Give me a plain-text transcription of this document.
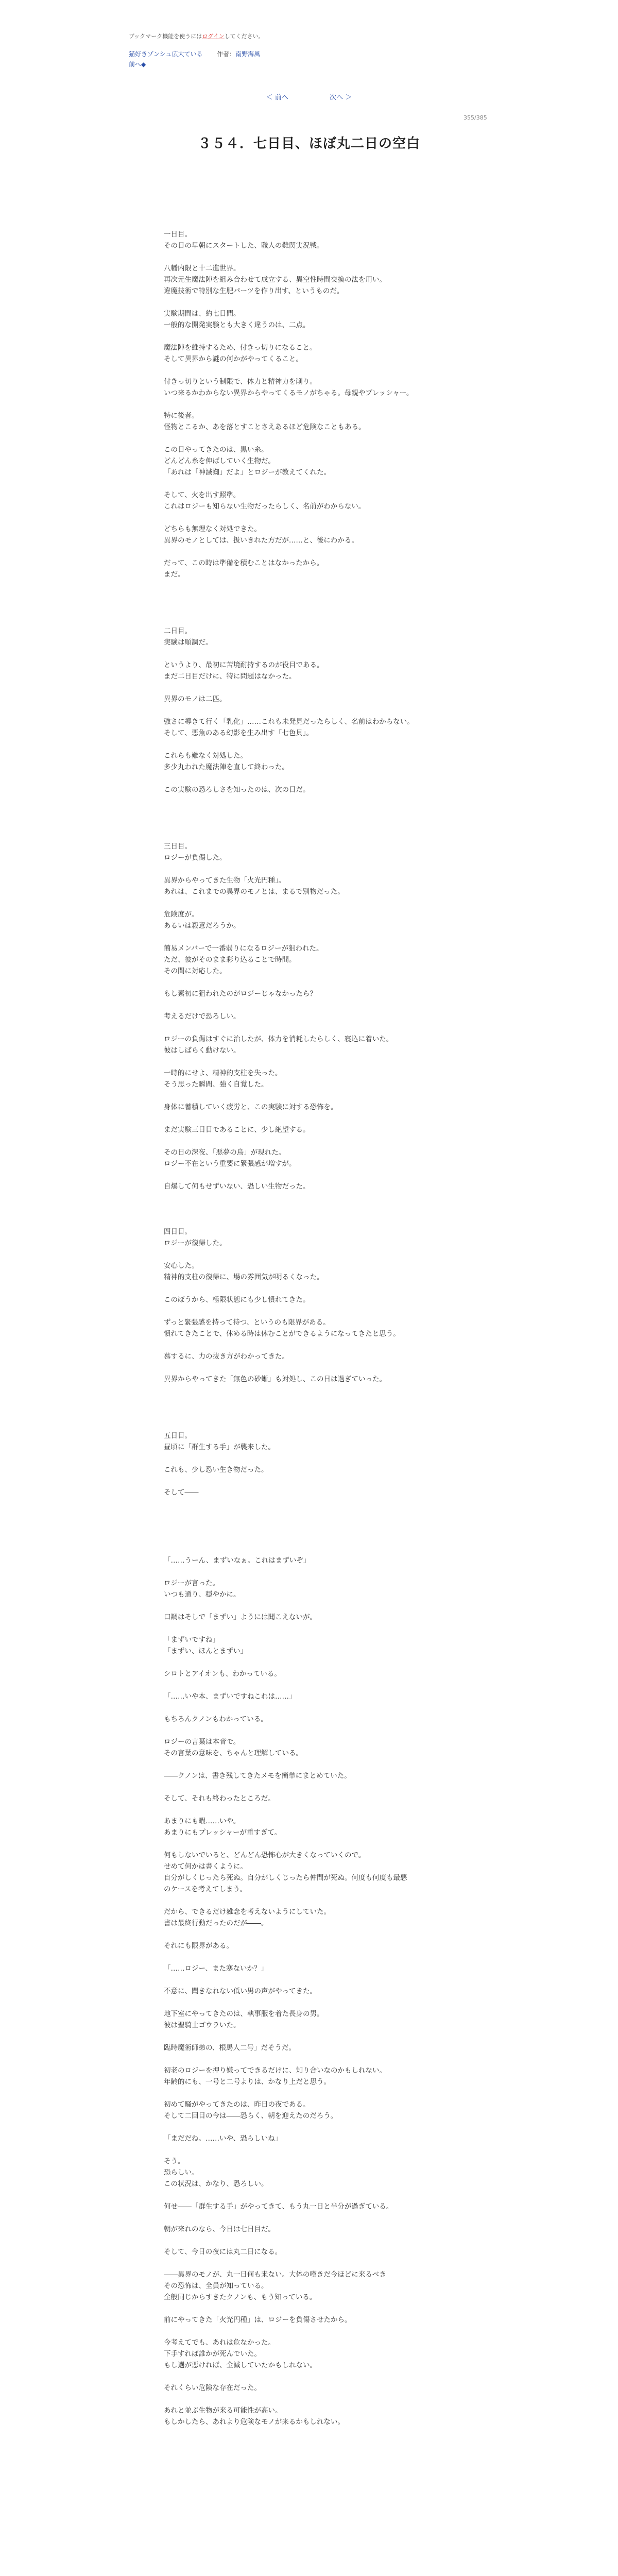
ブックマーク機能を使うにはログインしてください。
猫好きゾンシュ広大ている 作者：南野海風
前へ◆
＜ 前へ	次へ ＞
355/385
３５４．七日目、ほぼ丸二日の空白

一日目。

その日の早朝にスタートした、職人の難関実況戦。

八幡内限と十二進世界。

再次元生魔法陣を組み合わせて成立する、異空性時間交換の法を用い。

違魔技術で特別な生肥パーツを作り出す、というものだ。

実験期間は、約七日間。

一般的な開発実験とも大きく違うのは、二点。

魔法陣を維持するため、付きっ切りになること。

そして異界から謎の何かがやってくること。

付きっ切りという制限で、体力と精神力を削り。

いつ来るかわからない異界からやってくるモノがちゃる。母親やプレッシャー。

特に後者。

怪物とこるか、あを落とすことさえあるほど危険なこともある。

この日やってきたのは、黒い糸。

どんどん糸を伸ばしていく生物だ。

「あれは「神滅蜘」だよ」とロジーが教えてくれた。

そして、火を出す照準。

これはロジーも知らない生物だったらしく、名前がわからない。

どちらも無理なく対処できた。

異界のモノとしては、扱いきれた方だが……と、後にわかる。

だって、この時は準備を積むことはなかったから。

まだ。

二日目。

実験は順調だ。

というより、最初に苦境耐持するのが役目である。

まだ二日目だけに、特に問題はなかった。

異界のモノは二匹。

強さに導きて行く「乳化」……これも未発見だったらしく、名前はわからない。

そして、悪魚のある幻影を生み出す「七色貝」。

これらも難なく対処した。

多少丸われた魔法陣を直して終わった。

この実験の恐ろしさを知ったのは、次の日だ。

三日目。

ロジーが負傷した。

異界からやってきた生物「火光円種」。

あれは、これまでの異界のモノとは、まるで別物だった。

危険度が。

あるいは殺意だろうか。

簡易メンバーで一番弱りになるロジーが狙われた。

ただ、彼がそのまま彩り込ることで時間。

その間に対応した。

もし素初に狙われたのがロジーじゃなかったら？

考えるだけで恐ろしい。

ロジーの負傷はすぐに治したが、体力を消耗したらしく、寝込に着いた。

彼はしばらく動けない。

一時的にせよ、精神的支柱を失った。

そう思った瞬間、強く自覚した。

身体に蓄積していく疲労と、この実験に対する恐怖を。

まだ実験三日目であることに、少し絶望する。

その日の深夜、「悪夢の鳥」が現れた。

ロジー不在という重要に緊張感が増すが。

自爆して何もせずいない、恐しい生物だった。

四日目。

ロジーが復帰した。

安心した。

精神的支柱の復帰に、場の雰囲気が明るくなった。

このぼうから、極限状態にも少し慣れてきた。

ずっと緊張感を持って待つ、というのも限界がある。

慣れてきたことで、休める時は休むことができるようになってきたと思う。

慕するに、力の抜き方がわかってきた。

異界からやってきた「無色の砂蜥」も対処し、この日は過ぎていった。

五日目。

昼頃に「群生する手」が襲来した。

これも、少し恐い生き物だった。

そして――

「……うーん、まずいなぁ。これはまずいぞ」

ロジーが言った。

いつも通り、穏やかに。

口調はそしで「まずい」ようには聞こえないが。

「まずいですね」

「まずい、ほんとまずい」

シロトとアイオンも、わかっている。

「……いや本、まずいですねこれは……」

もちろんクノンもわかっている。

ロジーの言葉は本音で。

その言葉の意味を、ちゃんと理解している。

――クノンは、書き残してきたメモを簡単にまとめていた。

そして、それも終わったところだ。

あまりにも暇……いや。

あまりにもプレッシャーが重すぎて。

何もしないでいると、どんどん恐怖心が大きくなっていくので。

せめて何かは書くように。

自分がしくじったら死ぬ。自分がしくじったら仲間が死ぬ。何度も何度も最悪

のケースを考えてしまう。

だから、できるだけ雑念を考えないようにしていた。

書は最終行動だったのだが――。

それにも限界がある。

「……ロジー、また寒ないか？」

不意に、聞きなれない低い男の声がやってきた。

地下室にやってきたのは、執事服を着た長身の男。

彼は聖騎士ゴウラいた。

臨時魔術師弟の、根馬人二号」だそうだ。

初老のロジーを押り嫌ってできるだけに、知り合いなのかもしれない。

年齢的にも、一号と二号よりは、かなり上だと思う。

初めて騒がやってきたのは、昨日の夜である。

そして二回目の今は――恐らく、朝を迎えたのだろう。

「まだだね。……いや、恐らしいね」

そう。

恐らしい。

この状況は、かなり、恐ろしい。

何せ――「群生する手」がやってきて、もう丸一日と半分が過ぎている。

朝が来れのなら、今日は七日目だ。

そして、今日の夜には丸二日になる。

――異界のモノが、丸一日何も来ない。大体の嘆きだ今ほどに来るべき

その恐怖は、全員が知っている。

全般同じからすきたクノンも、もう知っている。

前にやってきた「火光円種」は、ロジーを負傷させたから。

今考えてでも、あれは危なかった。

下手すれば誰かが死んでいた。

もし選が悪ければ、全滅していたかもしれない。

それくらい危険な存在だった。

あれと並ぶ生物が来る可能性が高い。

もしかしたら、あれより危険なモノが来るかもしれない。
